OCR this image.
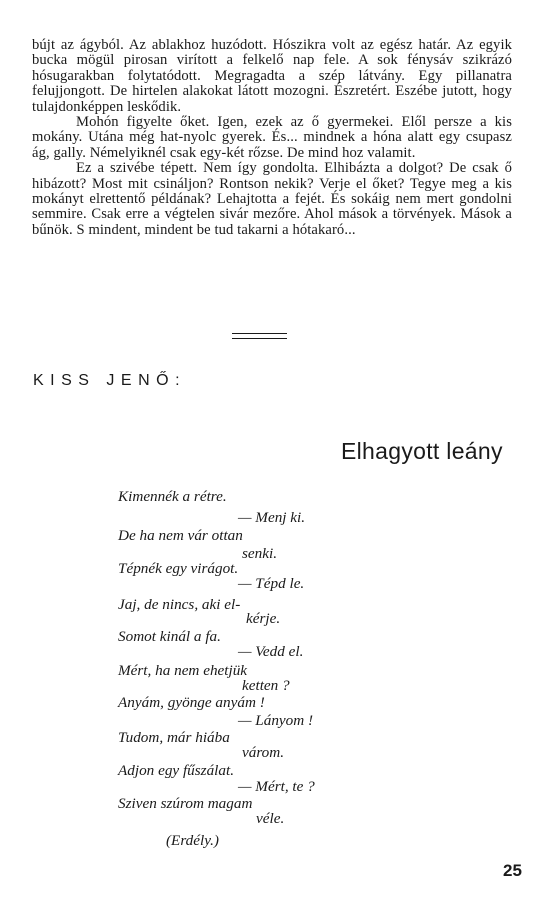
bújt az ágyból. Az ablakhoz huzódott. Hószikra volt az egész határ. Az egyik bucka mögül pirosan virított a felkelő nap fele. A sok fénysáv szikrázó hósugarakban folytatódott. Megragadta a szép látvány. Egy pillanatra felujjongott. De hirtelen alakokat látott mozogni. Észretért. Eszébe jutott, hogy tulajdonképpen leskődik.

Mohón figyelte őket. Igen, ezek az ő gyermekei. Elől persze a kis mokány. Utána még hat-nyolc gyerek. És... mindnek a hóna alatt egy csupasz ág, gally. Némelyiknél csak egy-két rőzse. De mind hoz valamit.

Ez a szivébe tépett. Nem így gondolta. Elhibázta a dolgot? De csak ő hibázott? Most mit csináljon? Rontson nekik? Verje el őket? Tegye meg a kis mokányt elrettentő példának? Lehajtotta a fejét. És sokáig nem mert gondolni semmire. Csak erre a végtelen sivár mezőre. Ahol mások a törvények. Mások a bűnök. S mindent, mindent be tud takarni a hótakaró...

KISS JENŐ:
Elhagyott leány
Kimennék a rétre.
— Menj ki.
De ha nem vár ottan
senki.
Tépnék egy virágot.
— Tépd le.
Jaj, de nincs, aki el-
kérje.
Somot kinál a fa.
— Vedd el.
Mért, ha nem ehetjük
ketten ?
Anyám, gyönge anyám !
— Lányom !
Tudom, már hiába
várom.
Adjon egy fűszálat.
— Mért, te ?
Sziven szúrom magam
véle.
(Erdély.)
25
